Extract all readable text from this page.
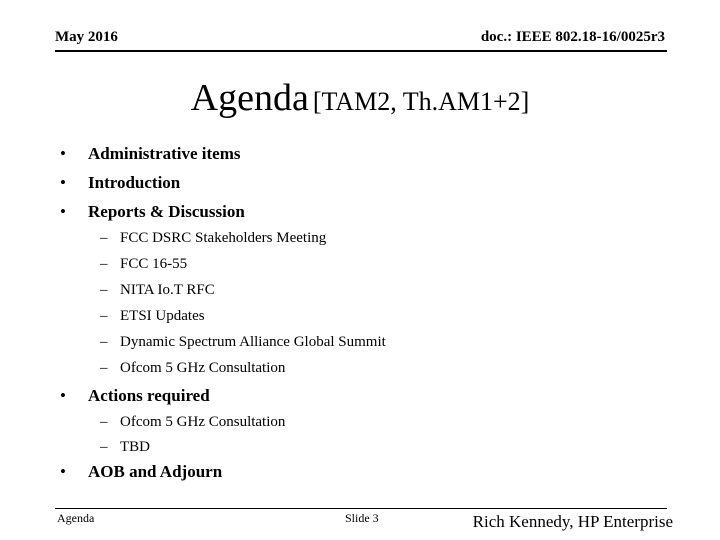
May 2016	doc.: IEEE 802.18-16/0025r3
Agenda [TAM2, Th.AM1+2]
• Administrative items
• Introduction
• Reports & Discussion
– FCC DSRC Stakeholders Meeting
– FCC 16-55
– NITA Io.T RFC
– ETSI Updates
– Dynamic Spectrum Alliance Global Summit
– Ofcom 5 GHz Consultation
• Actions required
– Ofcom 5 GHz Consultation
– TBD
• AOB and Adjourn
Agenda	Slide 3	Rich Kennedy, HP Enterprise
